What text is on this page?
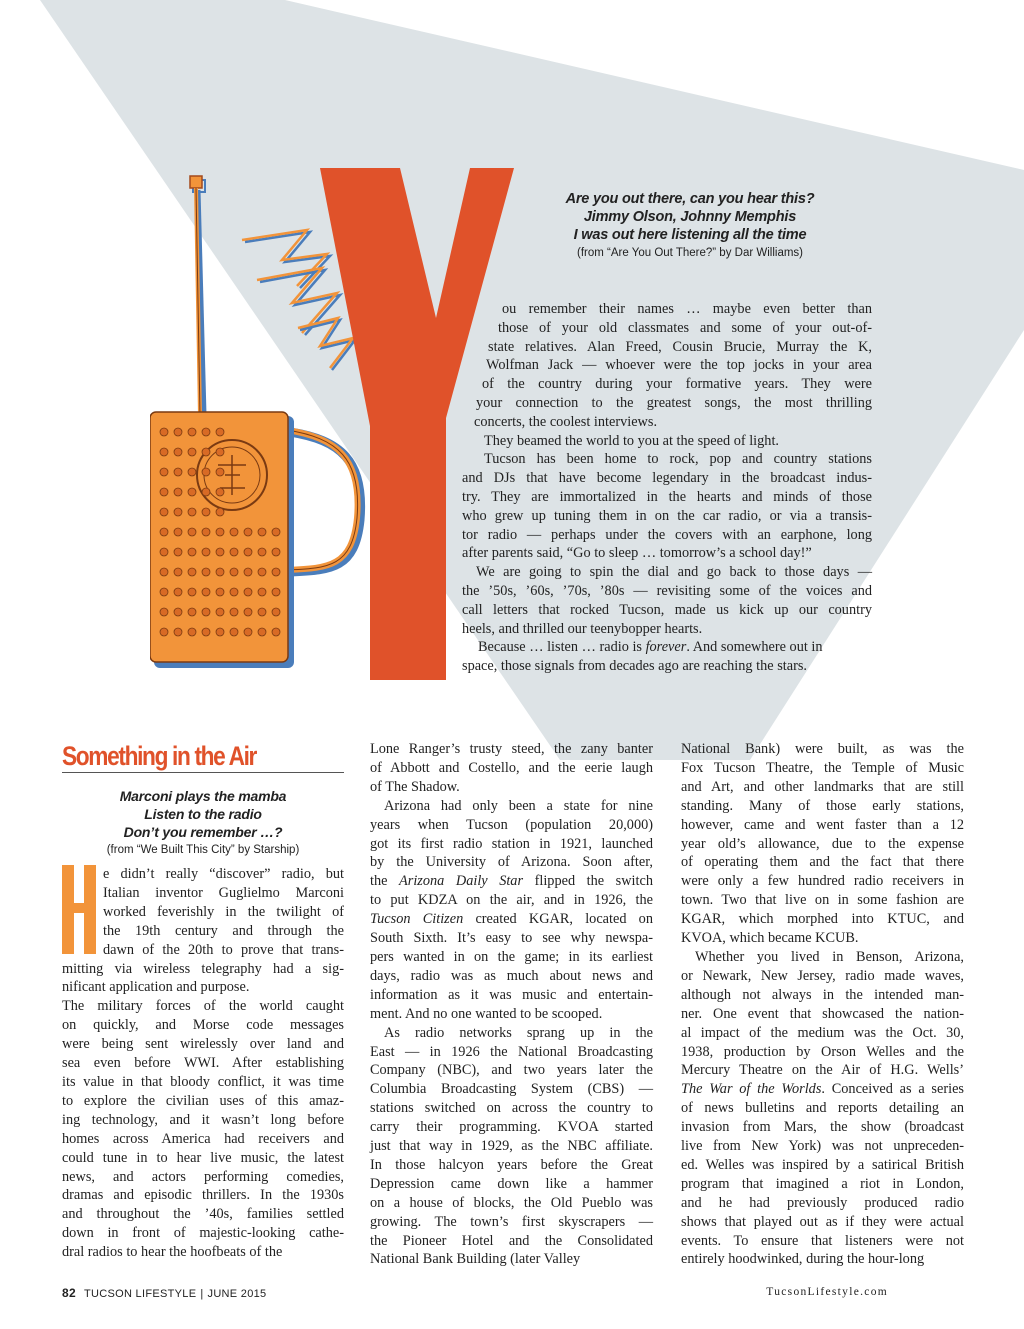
Are you out there, can you hear this?
Jimmy Olson, Johnny Memphis
I was out here listening all the time
(from “Are You Out There?” by Dar Williams)
ou remember their names … maybe even better than
those of your old classmates and some of your out-of-
state relatives. Alan Freed, Cousin Brucie, Murray the K,
Wolfman Jack — whoever were the top jocks in your area
of the country during your formative years. They were
your connection to the greatest songs, the most thrilling
concerts, the coolest interviews.
They beamed the world to you at the speed of light.
Tucson has been home to rock, pop and country stations
and DJs that have become legendary in the broadcast indus-
try. They are immortalized in the hearts and minds of those
who grew up tuning them in on the car radio, or via a transis-
tor radio — perhaps under the covers with an earphone, long
after parents said, “Go to sleep … tomorrow’s a school day!”
We are going to spin the dial and go back to those days —
the ’50s, ’60s, ’70s, ’80s — revisiting some of the voices and
call letters that rocked Tucson, made us kick up our country
heels, and thrilled our teenybopper hearts.
Because … listen … radio is forever. And somewhere out in
space, those signals from decades ago are reaching the stars.
Something in the Air
Marconi plays the mamba
Listen to the radio
Don’t you remember …?
(from “We Built This City” by Starship)
e didn’t really “discover” radio, but
Italian inventor Guglielmo Marconi
worked feverishly in the twilight of
the 19th century and through the
dawn of the 20th to prove that trans-
mitting via wireless telegraphy had a sig-
nificant application and purpose.
The military forces of the world caught
on quickly, and Morse code messages
were being sent wirelessly over land and
sea even before WWI. After establishing
its value in that bloody conflict, it was time
to explore the civilian uses of this amaz-
ing technology, and it wasn’t long before
homes across America had receivers and
could tune in to hear live music, the latest
news, and actors performing comedies,
dramas and episodic thrillers. In the 1930s
and throughout the ’40s, families settled
down in front of majestic-looking cathe-
dral radios to hear the hoofbeats of the
Lone Ranger’s trusty steed, the zany banter
of Abbott and Costello, and the eerie laugh
of The Shadow.
Arizona had only been a state for nine
years when Tucson (population 20,000)
got its first radio station in 1921, launched
by the University of Arizona. Soon after,
the Arizona Daily Star flipped the switch
to put KDZA on the air, and in 1926, the
Tucson Citizen created KGAR, located on
South Sixth. It’s easy to see why newspa-
pers wanted in on the game; in its earliest
days, radio was as much about news and
information as it was music and entertain-
ment. And no one wanted to be scooped.
As radio networks sprang up in the
East — in 1926 the National Broadcasting
Company (NBC), and two years later the
Columbia Broadcasting System (CBS) —
stations switched on across the country to
carry their programming. KVOA started
just that way in 1929, as the NBC affiliate.
In those halcyon years before the Great
Depression came down like a hammer
on a house of blocks, the Old Pueblo was
growing. The town’s first skyscrapers —
the Pioneer Hotel and the Consolidated
National Bank Building (later Valley
National Bank) were built, as was the
Fox Tucson Theatre, the Temple of Music
and Art, and other landmarks that are still
standing. Many of those early stations,
however, came and went faster than a 12
year old’s allowance, due to the expense
of operating them and the fact that there
were only a few hundred radio receivers in
town. Two that live on in some fashion are
KGAR, which morphed into KTUC, and
KVOA, which became KCUB.
Whether you lived in Benson, Arizona,
or Newark, New Jersey, radio made waves,
although not always in the intended man-
ner. One event that showcased the nation-
al impact of the medium was the Oct. 30,
1938, production by Orson Welles and the
Mercury Theatre on the Air of H.G. Wells’
The War of the Worlds. Conceived as a series
of news bulletins and reports detailing an
invasion from Mars, the show (broadcast
live from New York) was not unpreceden-
ed. Welles was inspired by a satirical British
program that imagined a riot in London,
and he had previously produced radio
shows that played out as if they were actual
events. To ensure that listeners were not
entirely hoodwinked, during the hour-long
82 TUCSON LIFESTYLE | JUNE 2015	TucsonLifestyle.com
